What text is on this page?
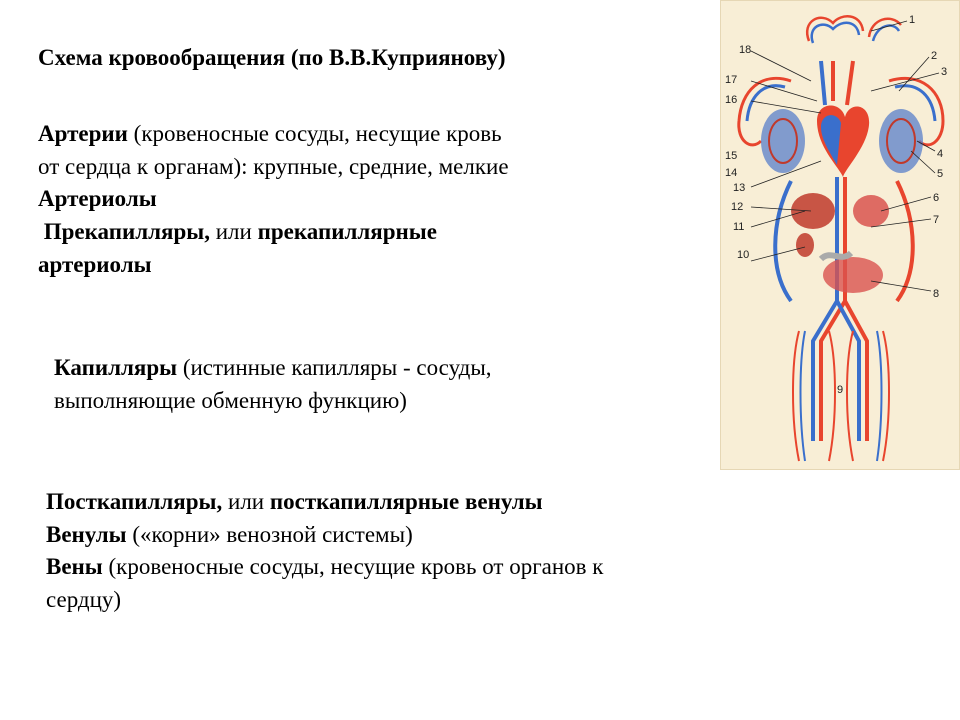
Схема кровообращения (по В.В.Куприянову)

Артерии (кровеносные сосуды, несущие кровь

от сердца к органам): крупные, средние, мелкие

Артериолы

Прекапилляры, или прекапиллярные

артериолы

Капилляры (истинные капилляры - сосуды,

выполняющие обменную функцию)

Посткапилляры, или посткапиллярные венулы

Венулы («корни» венозной системы)

Вены (кровеносные сосуды, несущие кровь от органов к

сердцу)

1
2
3
4
5
6
7
8
9
10
11
12
13
14
15
16
17
18
